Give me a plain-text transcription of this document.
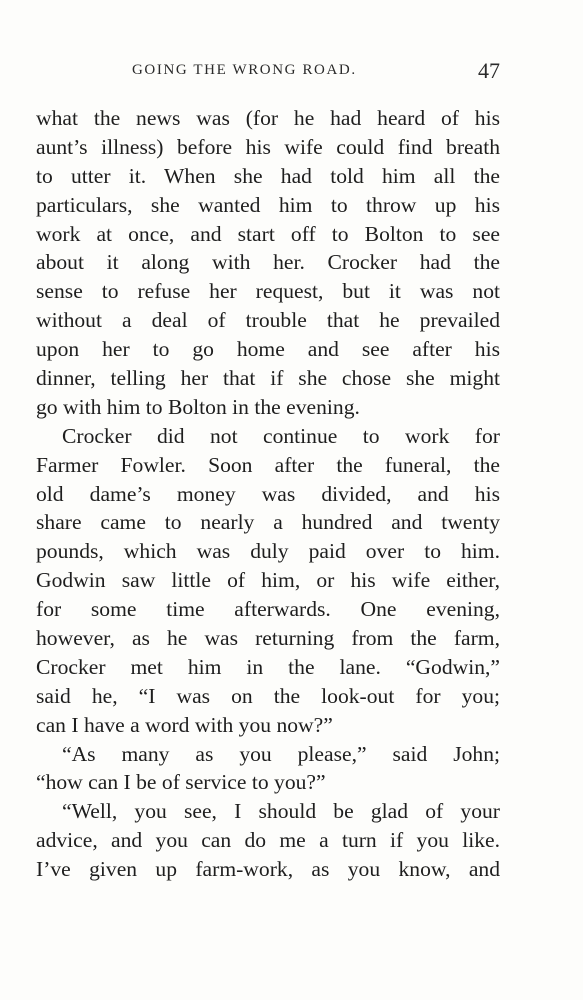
GOING THE WRONG ROAD.	47
what the news was (for he had heard of his
aunt’s illness) before his wife could find breath
to utter it. When she had told him all the
particulars, she wanted him to throw up his
work at once, and start off to Bolton to see
about it along with her. Crocker had the
sense to refuse her request, but it was not
without a deal of trouble that he prevailed
upon her to go home and see after his
dinner, telling her that if she chose she might
go with him to Bolton in the evening.
Crocker did not continue to work for
Farmer Fowler. Soon after the funeral, the
old dame’s money was divided, and his
share came to nearly a hundred and twenty
pounds, which was duly paid over to him.
Godwin saw little of him, or his wife either,
for some time afterwards. One evening,
however, as he was returning from the farm,
Crocker met him in the lane. “Godwin,”
said he, “I was on the look-out for you;
can I have a word with you now?”
“As many as you please,” said John;
“how can I be of service to you?”
“Well, you see, I should be glad of your
advice, and you can do me a turn if you like.
I’ve given up farm-work, as you know, and
